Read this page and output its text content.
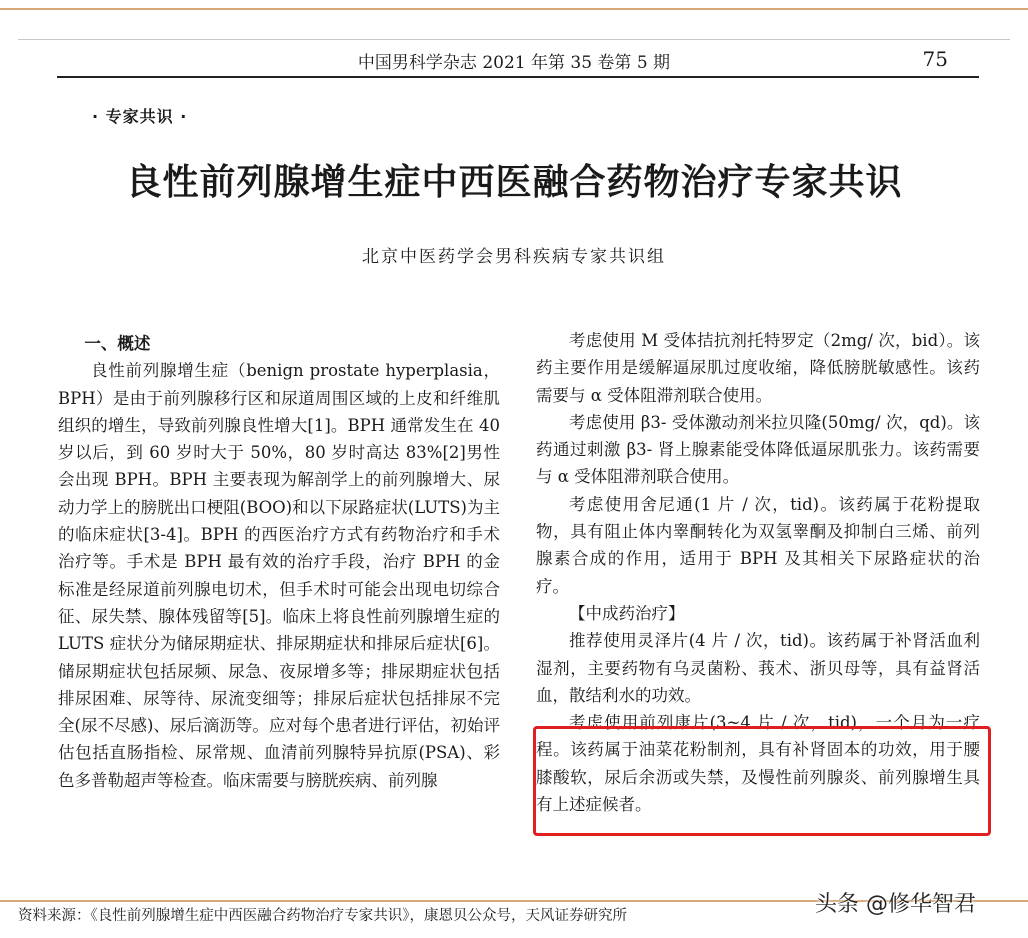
中国男科学杂志 2021 年第 35 卷第 5 期	75
· 专家共识 ·
良性前列腺增生症中西医融合药物治疗专家共识
北京中医药学会男科疾病专家共识组

一、概述

良性前列腺增生症（benign prostate hyperplasia，BPH）是由于前列腺移行区和尿道周围区域的上皮和纤维肌组织的增生，导致前列腺良性增大[1]。BPH 通常发生在 40 岁以后，到 60 岁时大于 50%，80 岁时高达 83%[2]男性会出现 BPH。BPH 主要表现为解剖学上的前列腺增大、尿动力学上的膀胱出口梗阻(BOO)和以下尿路症状(LUTS)为主的临床症状[3-4]。BPH 的西医治疗方式有药物治疗和手术治疗等。手术是 BPH 最有效的治疗手段，治疗 BPH 的金标准是经尿道前列腺电切术，但手术时可能会出现电切综合征、尿失禁、腺体残留等[5]。临床上将良性前列腺增生症的 LUTS 症状分为储尿期症状、排尿期症状和排尿后症状[6]。储尿期症状包括尿频、尿急、夜尿增多等；排尿期症状包括排尿困难、尿等待、尿流变细等；排尿后症状包括排尿不完全(尿不尽感)、尿后滴沥等。应对每个患者进行评估，初始评估包括直肠指检、尿常规、血清前列腺特异抗原(PSA)、彩色多普勒超声等检查。临床需要与膀胱疾病、前列腺

考虑使用 M 受体拮抗剂托特罗定（2mg/ 次，bid）。该药主要作用是缓解逼尿肌过度收缩，降低膀胱敏感性。该药需要与 α 受体阻滞剂联合使用。

考虑使用 β3- 受体激动剂米拉贝隆(50mg/ 次，qd)。该药通过刺激 β3- 肾上腺素能受体降低逼尿肌张力。该药需要与 α 受体阻滞剂联合使用。

考虑使用舍尼通(1 片 / 次，tid)。该药属于花粉提取物，具有阻止体内睾酮转化为双氢睾酮及抑制白三烯、前列腺素合成的作用，适用于 BPH 及其相关下尿路症状的治疗。

【中成药治疗】

推荐使用灵泽片(4 片 / 次，tid)。该药属于补肾活血利湿剂，主要药物有乌灵菌粉、莪术、浙贝母等，具有益肾活血，散结利水的功效。

考虑使用前列康片(3~4 片 / 次，tid)，一个月为一疗程。该药属于油菜花粉制剂，具有补肾固本的功效，用于腰膝酸软，尿后余沥或失禁，及慢性前列腺炎、前列腺增生具有上述症候者。

资料来源：《良性前列腺增生症中西医融合药物治疗专家共识》，康恩贝公众号，天风证券研究所	头条 @修华智君
